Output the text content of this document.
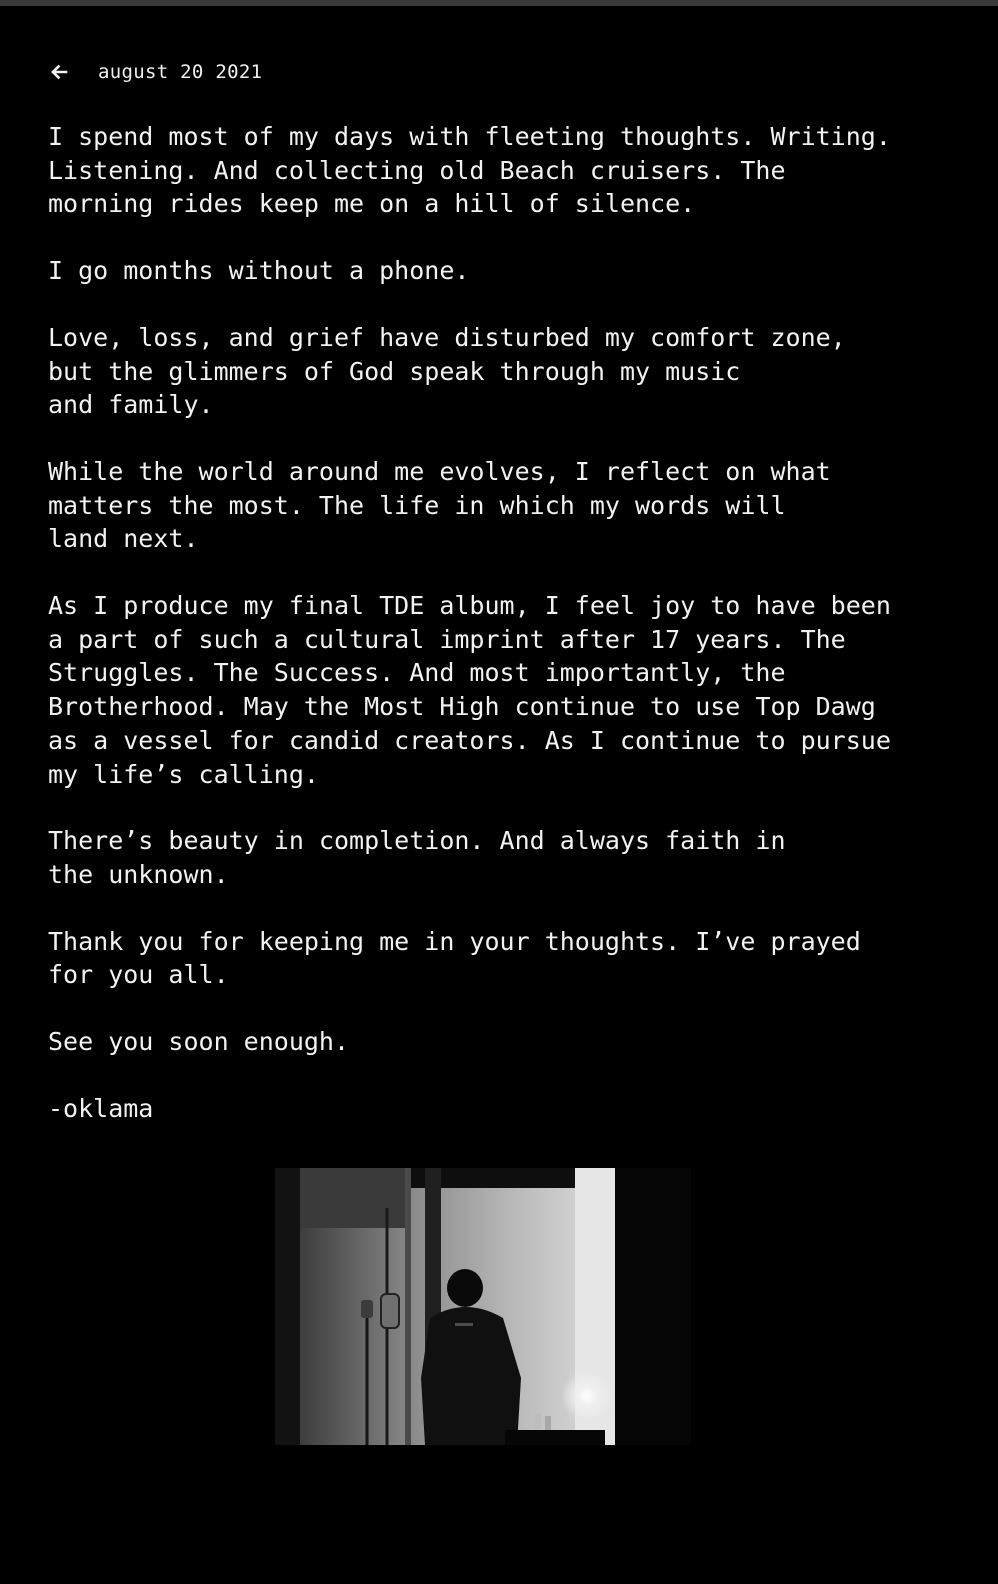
august 20 2021

I spend most of my days with fleeting thoughts. Writing.
Listening. And collecting old Beach cruisers. The
morning rides keep me on a hill of silence.

I go months without a phone.

Love, loss, and grief have disturbed my comfort zone,
but the glimmers of God speak through my music
and family.

While the world around me evolves, I reflect on what
matters the most. The life in which my words will
land next.

As I produce my final TDE album, I feel joy to have been
a part of such a cultural imprint after 17 years. The
Struggles. The Success. And most importantly, the
Brotherhood. May the Most High continue to use Top Dawg
as a vessel for candid creators. As I continue to pursue
my life’s calling.

There’s beauty in completion. And always faith in
the unknown.

Thank you for keeping me in your thoughts. I’ve prayed
for you all.

See you soon enough.

-oklama
